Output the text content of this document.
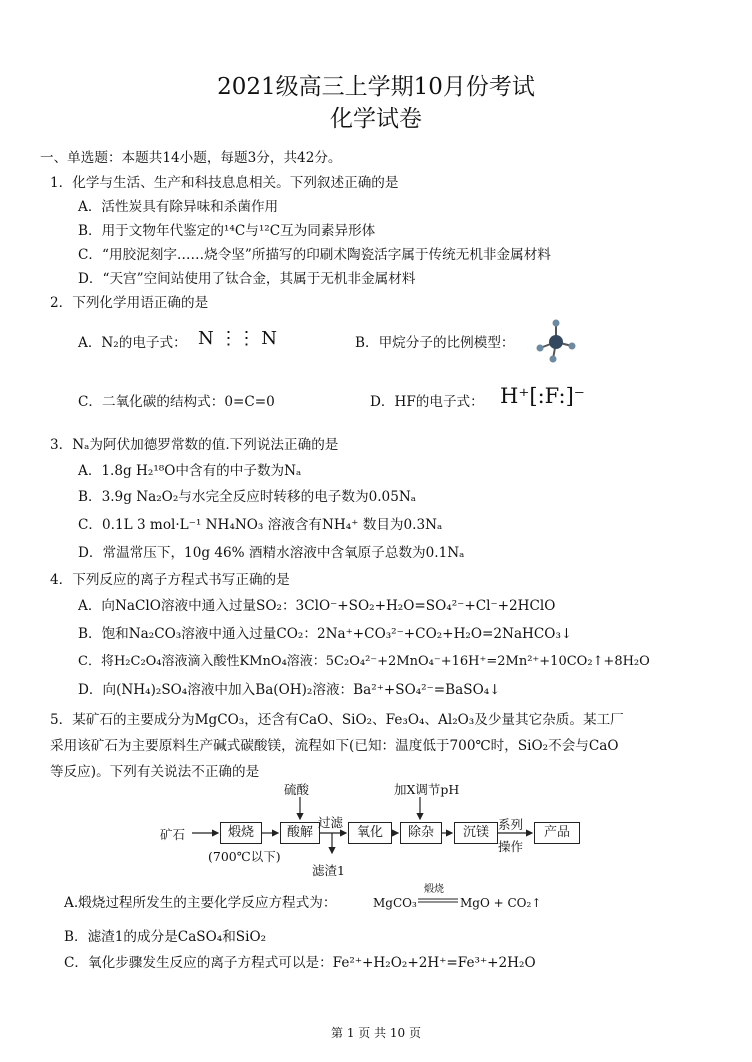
2021级高三上学期10月份考试
化学试卷
一、单选题：本题共14小题，每题3分，共42分。
1．化学与生活、生产和科技息息相关。下列叙述正确的是
A．活性炭具有除异味和杀菌作用
B．用于文物年代鉴定的¹⁴C与¹²C互为同素异形体
C．“用胶泥刻字……烧令坚”所描写的印刷术陶瓷活字属于传统无机非金属材料
D．“天宫”空间站使用了钛合金，其属于无机非金属材料
2．下列化学用语正确的是
A．N₂的电子式： N ⋮⋮ N	B．甲烷分子的比例模型：
C．二氧化碳的结构式：0=C=0	D．HF的电子式： H⁺[:F:]⁻
3．Nₐ为阿伏加德罗常数的值.下列说法正确的是
A．1.8g H₂¹⁸O中含有的中子数为Nₐ
B．3.9g Na₂O₂与水完全反应时转移的电子数为0.05Nₐ
C．0.1L 3 mol·L⁻¹ NH₄NO₃ 溶液含有NH₄⁺ 数目为0.3Nₐ
D．常温常压下，10g 46% 酒精水溶液中含氧原子总数为0.1Nₐ
4．下列反应的离子方程式书写正确的是
A．向NaClO溶液中通入过量SO₂：3ClO⁻+SO₂+H₂O=SO₄²⁻+Cl⁻+2HClO
B．饱和Na₂CO₃溶液中通入过量CO₂：2Na⁺+CO₃²⁻+CO₂+H₂O=2NaHCO₃↓
C．将H₂C₂O₄溶液滴入酸性KMnO₄溶液：5C₂O₄²⁻+2MnO₄⁻+16H⁺=2Mn²⁺+10CO₂↑+8H₂O
D．向(NH₄)₂SO₄溶液中加入Ba(OH)₂溶液：Ba²⁺+SO₄²⁻=BaSO₄↓
5．某矿石的主要成分为MgCO₃，还含有CaO、SiO₂、Fe₃O₄、Al₂O₃及少量其它杂质。某工厂
采用该矿石为主要原料生产碱式碳酸镁，流程如下(已知：温度低于700℃时，SiO₂不会与CaO
等反应)。下列有关说法不正确的是
矿石	煅烧
(700℃以下)
硫酸
酸解
过滤
滤渣1
氧化
加X调节pH
除杂	沉镁
系列
操作
产品
A.煅烧过程所发生的主要化学反应方程式为：	MgCO₃
煅烧
MgO + CO₂↑
B．滤渣1的成分是CaSO₄和SiO₂
C．氧化步骤发生反应的离子方程式可以是：Fe²⁺+H₂O₂+2H⁺=Fe³⁺+2H₂O
第 1 页 共 10 页
